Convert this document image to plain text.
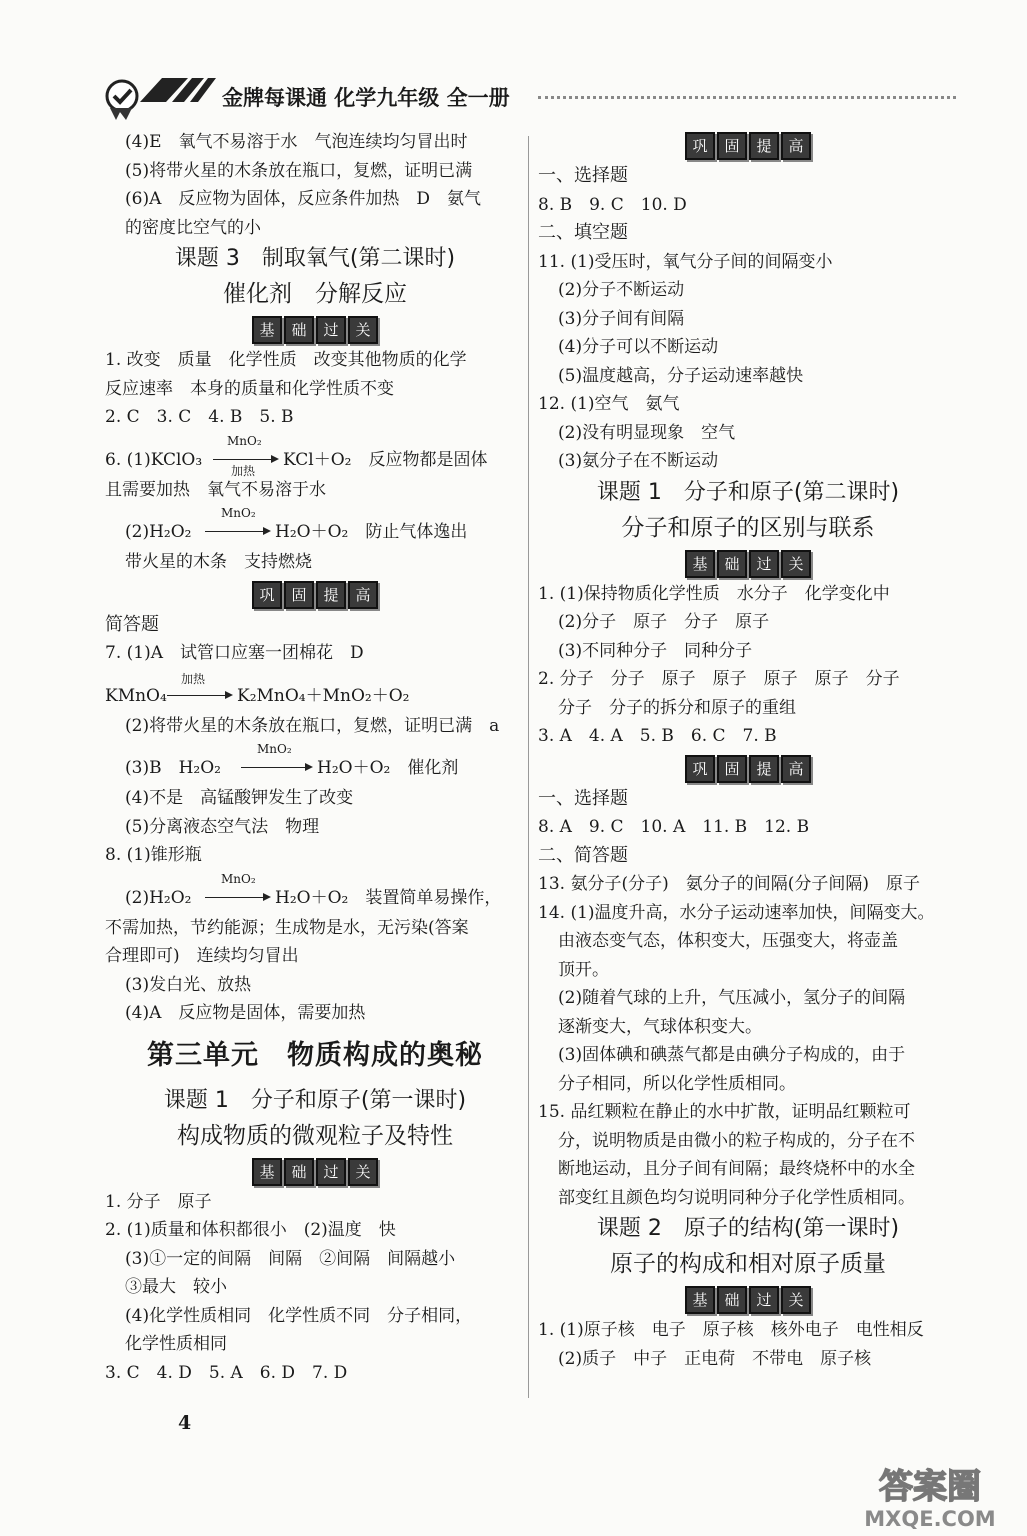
金牌每课通 化学九年级 全一册
(4)E　氧气不易溶于水　气泡连续均匀冒出时
(5)将带火星的木条放在瓶口，复燃，证明已满
(6)A　反应物为固体，反应条件加热　D　氨气
的密度比空气的小
课题 3　制取氧气(第二课时)
催化剂　分解反应
基 础 过 关
1. 改变　质量　化学性质　改变其他物质的化学
反应速率　本身的质量和化学性质不变
2. C　3. C　4. B　5. B
6. (1)KClO₃
MnO₂
加热
KCl＋O₂　反应物都是固体
且需要加热　氧气不易溶于水
(2)H₂O₂
MnO₂
→ H₂O＋O₂　防止气体逸出
带火星的木条　支持燃烧
巩 固 提 高
简答题
7. (1)A　试管口应塞一团棉花　D
KMnO₄
加热
→ K₂MnO₄＋MnO₂＋O₂
(2)将带火星的木条放在瓶口，复燃，证明已满　a
(3)B　H₂O₂
MnO₂
H₂O＋O₂　催化剂
(4)不是　高锰酸钾发生了改变
(5)分离液态空气法　物理
8. (1)锥形瓶
(2)H₂O₂
MnO₂
→ H₂O＋O₂　装置简单易操作，
不需加热，节约能源；生成物是水，无污染(答案
合理即可)　连续均匀冒出
(3)发白光、放热
(4)A　反应物是固体，需要加热
第三单元　物质构成的奥秘
课题 1　分子和原子(第一课时)
构成物质的微观粒子及特性
基 础 过 关
1. 分子　原子
2. (1)质量和体积都很小　(2)温度　快
(3)①一定的间隔　间隔　②间隔　间隔越小
③最大　较小
(4)化学性质相同　化学性质不同　分子相同，
化学性质相同
3. C　4. D　5. A　6. D　7. D
巩 固 提 高
一、选择题
8. B　9. C　10. D
二、填空题
11. (1)受压时，氧气分子间的间隔变小
(2)分子不断运动
(3)分子间有间隔
(4)分子可以不断运动
(5)温度越高，分子运动速率越快
12. (1)空气　氨气
(2)没有明显现象　空气
(3)氨分子在不断运动
课题 1　分子和原子(第二课时)
分子和原子的区别与联系
基 础 过 关
1. (1)保持物质化学性质　水分子　化学变化中
(2)分子　原子　分子　原子
(3)不同种分子　同种分子
2. 分子　分子　原子　原子　原子　原子　分子
分子　分子的拆分和原子的重组
3. A　4. A　5. B　6. C　7. B
巩 固 提 高
一、选择题
8. A　9. C　10. A　11. B　12. B
二、简答题
13. 氨分子(分子)　氨分子的间隔(分子间隔)　原子
14. (1)温度升高，水分子运动速率加快，间隔变大。
由液态变气态，体积变大，压强变大，将壶盖
顶开。
(2)随着气球的上升，气压减小，氢分子的间隔
逐渐变大，气球体积变大。
(3)固体碘和碘蒸气都是由碘分子构成的，由于
分子相同，所以化学性质相同。
15. 品红颗粒在静止的水中扩散，证明品红颗粒可
分，说明物质是由微小的粒子构成的，分子在不
断地运动，且分子间有间隔；最终烧杯中的水全
部变红且颜色均匀说明同种分子化学性质相同。
课题 2　原子的结构(第一课时)
原子的构成和相对原子质量
基 础 过 关
1. (1)原子核　电子　原子核　核外电子　电性相反
(2)质子　中子　正电荷　不带电　原子核
4
答案圈
MXQE.COM
